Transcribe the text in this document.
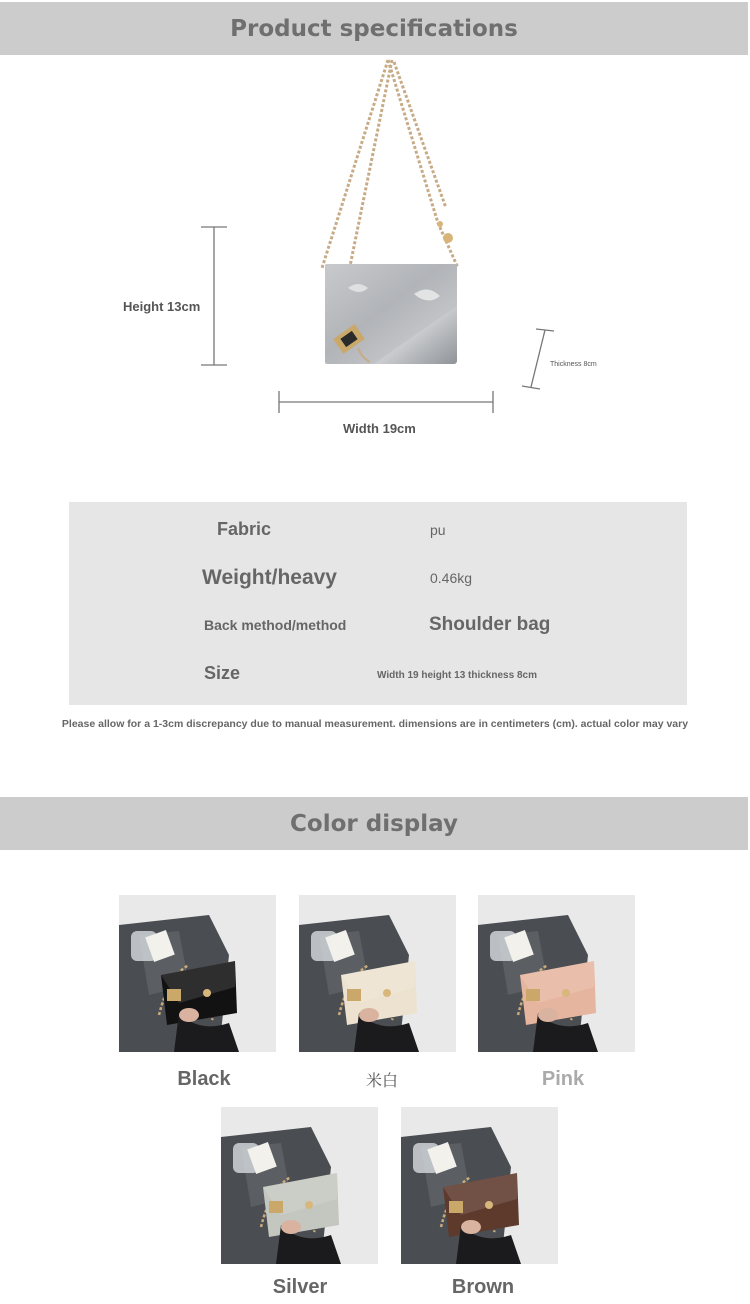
Product specifications
Height 13cm
Width 19cm
Thickness 8cm
Fabric	pu
Weight/heavy	0.46kg
Back method/method	Shoulder bag
Size	Width 19 height 13 thickness 8cm
Please allow for a 1-3cm discrepancy due to manual measurement. dimensions are in centimeters (cm). actual color may vary
Color display
Black	米白	Pink
Silver	Brown
